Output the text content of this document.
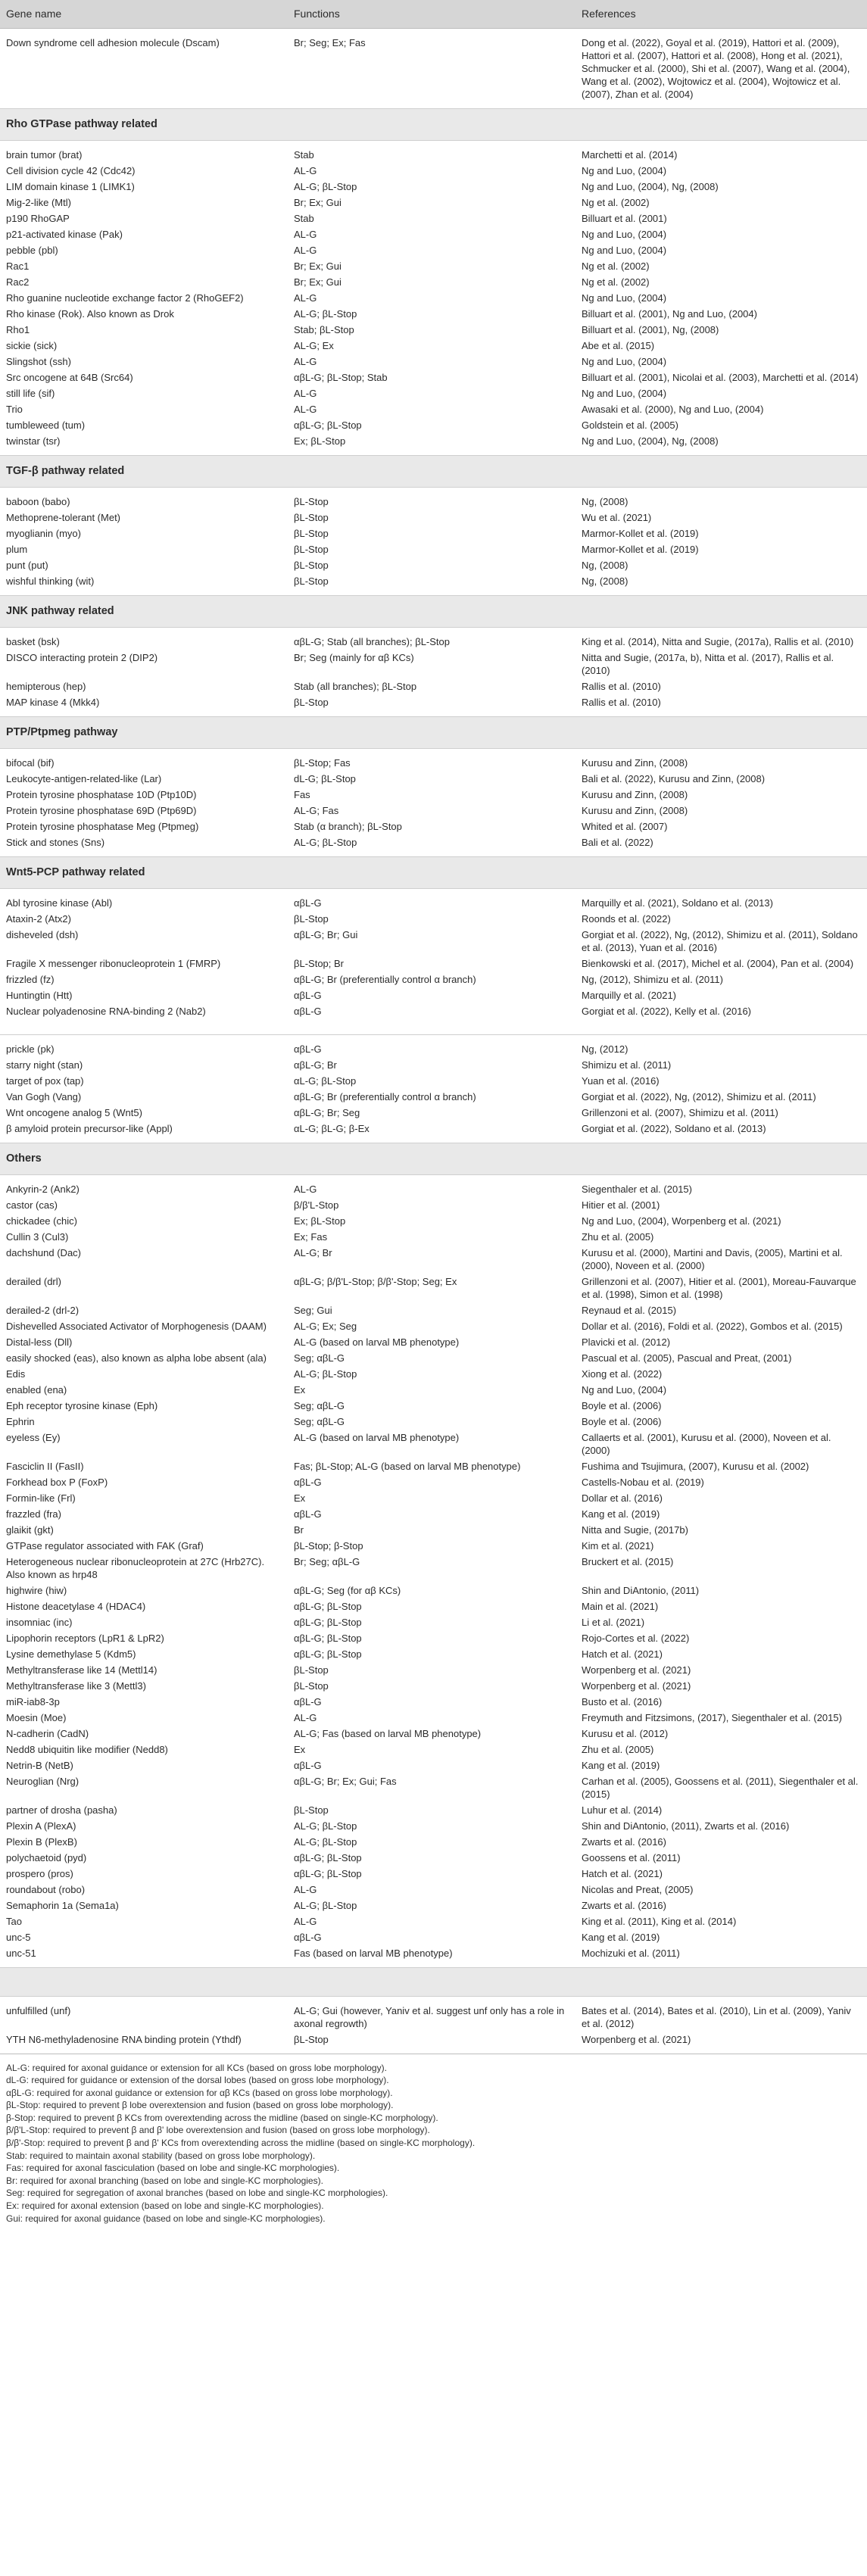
Gene name	Functions	References
Down syndrome cell adhesion molecule (Dscam)	Br; Seg; Ex; Fas	Dong et al. (2022), Goyal et al. (2019), Hattori et al. (2009), Hattori et al. (2007), Hattori et al. (2008), Hong et al. (2021), Schmucker et al. (2000), Shi et al. (2007), Wang et al. (2004), Wang et al. (2002), Wojtowicz et al. (2004), Wojtowicz et al. (2007), Zhan et al. (2004)
Rho GTPase pathway related		
brain tumor (brat)	Stab	Marchetti et al. (2014)
Cell division cycle 42 (Cdc42)	AL-G	Ng and Luo, (2004)
LIM domain kinase 1 (LIMK1)	AL-G; βL-Stop	Ng and Luo, (2004), Ng, (2008)
Mig-2-like (Mtl)	Br; Ex; Gui	Ng et al. (2002)
p190 RhoGAP	Stab	Billuart et al. (2001)
p21-activated kinase (Pak)	AL-G	Ng and Luo, (2004)
pebble (pbl)	AL-G	Ng and Luo, (2004)
Rac1	Br; Ex; Gui	Ng et al. (2002)
Rac2	Br; Ex; Gui	Ng et al. (2002)
Rho guanine nucleotide exchange factor 2 (RhoGEF2)	AL-G	Ng and Luo, (2004)
Rho kinase (Rok). Also known as Drok	AL-G; βL-Stop	Billuart et al. (2001), Ng and Luo, (2004)
Rho1	Stab; βL-Stop	Billuart et al. (2001), Ng, (2008)
sickie (sick)	AL-G; Ex	Abe et al. (2015)
Slingshot (ssh)	AL-G	Ng and Luo, (2004)
Src oncogene at 64B (Src64)	αβL-G; βL-Stop; Stab	Billuart et al. (2001), Nicolai et al. (2003), Marchetti et al. (2014)
still life (sif)	AL-G	Ng and Luo, (2004)
Trio	AL-G	Awasaki et al. (2000), Ng and Luo, (2004)
tumbleweed (tum)	αβL-G; βL-Stop	Goldstein et al. (2005)
twinstar (tsr)	Ex; βL-Stop	Ng and Luo, (2004), Ng, (2008)
TGF-β pathway related		
baboon (babo)	βL-Stop	Ng, (2008)
Methoprene-tolerant (Met)	βL-Stop	Wu et al. (2021)
myoglianin (myo)	βL-Stop	Marmor-Kollet et al. (2019)
plum	βL-Stop	Marmor-Kollet et al. (2019)
punt (put)	βL-Stop	Ng, (2008)
wishful thinking (wit)	βL-Stop	Ng, (2008)
JNK pathway related		
basket (bsk)	αβL-G; Stab (all branches); βL-Stop	King et al. (2014), Nitta and Sugie, (2017a), Rallis et al. (2010)
DISCO interacting protein 2 (DIP2)	Br; Seg (mainly for αβ KCs)	Nitta and Sugie, (2017a, b), Nitta et al. (2017), Rallis et al. (2010)
hemipterous (hep)	Stab (all branches); βL-Stop	Rallis et al. (2010)
MAP kinase 4 (Mkk4)	βL-Stop	Rallis et al. (2010)
PTP/Ptpmeg pathway		
bifocal (bif)	βL-Stop; Fas	Kurusu and Zinn, (2008)
Leukocyte-antigen-related-like (Lar)	dL-G; βL-Stop	Bali et al. (2022), Kurusu and Zinn, (2008)
Protein tyrosine phosphatase 10D (Ptp10D)	Fas	Kurusu and Zinn, (2008)
Protein tyrosine phosphatase 69D (Ptp69D)	AL-G; Fas	Kurusu and Zinn, (2008)
Protein tyrosine phosphatase Meg (Ptpmeg)	Stab (α branch); βL-Stop	Whited et al. (2007)
Stick and stones (Sns)	AL-G; βL-Stop	Bali et al. (2022)
Wnt5-PCP pathway related		
Abl tyrosine kinase (Abl)	αβL-G	Marquilly et al. (2021), Soldano et al. (2013)
Ataxin-2 (Atx2)	βL-Stop	Roonds et al. (2022)
disheveled (dsh)	αβL-G; Br; Gui	Gorgiat et al. (2022), Ng, (2012), Shimizu et al. (2011), Soldano et al. (2013), Yuan et al. (2016)
Fragile X messenger ribonucleoprotein 1 (FMRP)	βL-Stop; Br	Bienkowski et al. (2017), Michel et al. (2004), Pan et al. (2004)
frizzled (fz)	αβL-G; Br (preferentially control α branch)	Ng, (2012), Shimizu et al. (2011)
Huntingtin (Htt)	αβL-G	Marquilly et al. (2021)
Nuclear polyadenosine RNA-binding 2 (Nab2)	αβL-G	Gorgiat et al. (2022), Kelly et al. (2016)

prickle (pk)	αβL-G	Ng, (2012)
starry night (stan)	αβL-G; Br	Shimizu et al. (2011)
target of pox (tap)	αL-G; βL-Stop	Yuan et al. (2016)
Van Gogh (Vang)	αβL-G; Br (preferentially control α branch)	Gorgiat et al. (2022), Ng, (2012), Shimizu et al. (2011)
Wnt oncogene analog 5 (Wnt5)	αβL-G; Br; Seg	Grillenzoni et al. (2007), Shimizu et al. (2011)
β amyloid protein precursor-like (Appl)	αL-G; βL-G; β-Ex	Gorgiat et al. (2022), Soldano et al. (2013)
Others		
Ankyrin-2 (Ank2)	AL-G	Siegenthaler et al. (2015)
castor (cas)	β/β'L-Stop	Hitier et al. (2001)
chickadee (chic)	Ex; βL-Stop	Ng and Luo, (2004), Worpenberg et al. (2021)
Cullin 3 (Cul3)	Ex; Fas	Zhu et al. (2005)
dachshund (Dac)	AL-G; Br	Kurusu et al. (2000), Martini and Davis, (2005), Martini et al. (2000), Noveen et al. (2000)
derailed (drl)	αβL-G; β/β'L-Stop; β/β'-Stop; Seg; Ex	Grillenzoni et al. (2007), Hitier et al. (2001), Moreau-Fauvarque et al. (1998), Simon et al. (1998)
derailed-2 (drl-2)	Seg; Gui	Reynaud et al. (2015)
Dishevelled Associated Activator of Morphogenesis (DAAM)	AL-G; Ex; Seg	Dollar et al. (2016), Foldi et al. (2022), Gombos et al. (2015)
Distal-less (Dll)	AL-G (based on larval MB phenotype)	Plavicki et al. (2012)
easily shocked (eas), also known as alpha lobe absent (ala)	Seg; αβL-G	Pascual et al. (2005), Pascual and Preat, (2001)
Edis	AL-G; βL-Stop	Xiong et al. (2022)
enabled (ena)	Ex	Ng and Luo, (2004)
Eph receptor tyrosine kinase (Eph)	Seg; αβL-G	Boyle et al. (2006)
Ephrin	Seg; αβL-G	Boyle et al. (2006)
eyeless (Ey)	AL-G (based on larval MB phenotype)	Callaerts et al. (2001), Kurusu et al. (2000), Noveen et al. (2000)
Fasciclin II (FasII)	Fas; βL-Stop; AL-G (based on larval MB phenotype)	Fushima and Tsujimura, (2007), Kurusu et al. (2002)
Forkhead box P (FoxP)	αβL-G	Castells-Nobau et al. (2019)
Formin-like (Frl)	Ex	Dollar et al. (2016)
frazzled (fra)	αβL-G	Kang et al. (2019)
glaikit (gkt)	Br	Nitta and Sugie, (2017b)
GTPase regulator associated with FAK (Graf)	βL-Stop; β-Stop	Kim et al. (2021)
Heterogeneous nuclear ribonucleoprotein at 27C (Hrb27C). Also known as hrp48	Br; Seg; αβL-G	Bruckert et al. (2015)
highwire (hiw)	αβL-G; Seg (for αβ KCs)	Shin and DiAntonio, (2011)
Histone deacetylase 4 (HDAC4)	αβL-G; βL-Stop	Main et al. (2021)
insomniac (inc)	αβL-G; βL-Stop	Li et al. (2021)
Lipophorin receptors (LpR1 & LpR2)	αβL-G; βL-Stop	Rojo-Cortes et al. (2022)
Lysine demethylase 5 (Kdm5)	αβL-G; βL-Stop	Hatch et al. (2021)
Methyltransferase like 14 (Mettl14)	βL-Stop	Worpenberg et al. (2021)
Methyltransferase like 3 (Mettl3)	βL-Stop	Worpenberg et al. (2021)
miR-iab8-3p	αβL-G	Busto et al. (2016)
Moesin (Moe)	AL-G	Freymuth and Fitzsimons, (2017), Siegenthaler et al. (2015)
N-cadherin (CadN)	AL-G; Fas (based on larval MB phenotype)	Kurusu et al. (2012)
Nedd8 ubiquitin like modifier (Nedd8)	Ex	Zhu et al. (2005)
Netrin-B (NetB)	αβL-G	Kang et al. (2019)
Neuroglian (Nrg)	αβL-G; Br; Ex; Gui; Fas	Carhan et al. (2005), Goossens et al. (2011), Siegenthaler et al. (2015)
partner of drosha (pasha)	βL-Stop	Luhur et al. (2014)
Plexin A (PlexA)	AL-G; βL-Stop	Shin and DiAntonio, (2011), Zwarts et al. (2016)
Plexin B (PlexB)	AL-G; βL-Stop	Zwarts et al. (2016)
polychaetoid (pyd)	αβL-G; βL-Stop	Goossens et al. (2011)
prospero (pros)	αβL-G; βL-Stop	Hatch et al. (2021)
roundabout (robo)	AL-G	Nicolas and Preat, (2005)
Semaphorin 1a (Sema1a)	AL-G; βL-Stop	Zwarts et al. (2016)
Tao	AL-G	King et al. (2011), King et al. (2014)
unc-5	αβL-G	Kang et al. (2019)
unc-51	Fas (based on larval MB phenotype)	Mochizuki et al. (2011)

unfulfilled (unf)	AL-G; Gui (however, Yaniv et al. suggest unf only has a role in axonal regrowth)	Bates et al. (2014), Bates et al. (2010), Lin et al. (2009), Yaniv et al. (2012)
YTH N6-methyladenosine RNA binding protein (Ythdf)	βL-Stop	Worpenberg et al. (2021)
AL-G: required for axonal guidance or extension for all KCs (based on gross lobe morphology).
dL-G: required for guidance or extension of the dorsal lobes (based on gross lobe morphology).
αβL-G: required for axonal guidance or extension for αβ KCs (based on gross lobe morphology).
βL-Stop: required to prevent β lobe overextension and fusion (based on gross lobe morphology).
β-Stop: required to prevent β KCs from overextending across the midline (based on single-KC morphology).
β/β'L-Stop: required to prevent β and β' lobe overextension and fusion (based on gross lobe morphology).
β/β'-Stop: required to prevent β and β' KCs from overextending across the midline (based on single-KC morphology).
Stab: required to maintain axonal stability (based on gross lobe morphology).
Fas: required for axonal fasciculation (based on lobe and single-KC morphologies).
Br: required for axonal branching (based on lobe and single-KC morphologies).
Seg: required for segregation of axonal branches (based on lobe and single-KC morphologies).
Ex: required for axonal extension (based on lobe and single-KC morphologies).
Gui: required for axonal guidance (based on lobe and single-KC morphologies).
